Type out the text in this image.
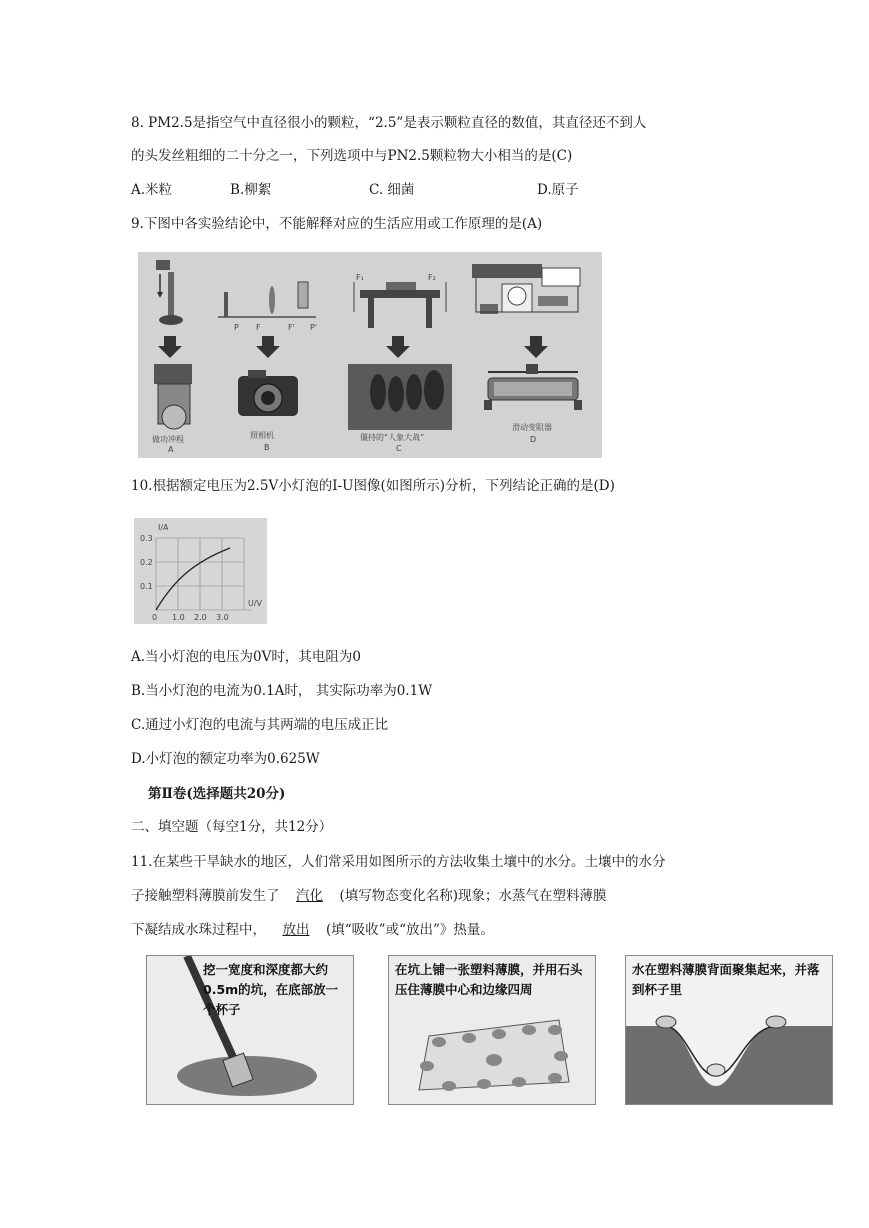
8. PM2.5是指空气中直径很小的颗粒，“2.5”是表示颗粒直径的数值，其直径还不到人
的头发丝粗细的二十分之一，下列选项中与PN2.5颗粒物大小相当的是(C)
A.米粒	B.柳絮	C. 细菌	D.原子
9.下图中各实验结论中，不能解释对应的生活应用或工作原理的是(A)
P F	F' P'
F₁	F₂
做功冲程
A
照相机
B
僵持的“人象大战”
C
滑动变阻器
D
10.根据额定电压为2.5V小灯泡的I-U图像(如图所示)分析，下列结论正确的是(D)
I/A
U/V
0.3
0.2
0.1
0 1.0 2.0 3.0
A.当小灯泡的电压为0V时，其电阻为0
B.当小灯泡的电流为0.1A时， 其实际功率为0.1W
C.通过小灯泡的电流与其两端的电压成正比
D.小灯泡的额定功率为0.625W
第Ⅱ卷(选择题共20分)
二、填空题（每空1分，共12分）
11.在某些干旱缺水的地区，人们常采用如图所示的方法收集土壤中的水分。土壤中的水分
子接触塑料薄膜前发生了 汽化 (填写物态变化名称)现象；水蒸气在塑料薄膜
下凝结成水珠过程中， 放出 (填“吸收”或“放出”》热量。
挖一宽度和深度都大约0.5m的坑，在底部放一个杯子
在坑上铺一张塑料薄膜，并用石头压住薄膜中心和边缘四周
水在塑料薄膜背面聚集起来，并落到杯子里
